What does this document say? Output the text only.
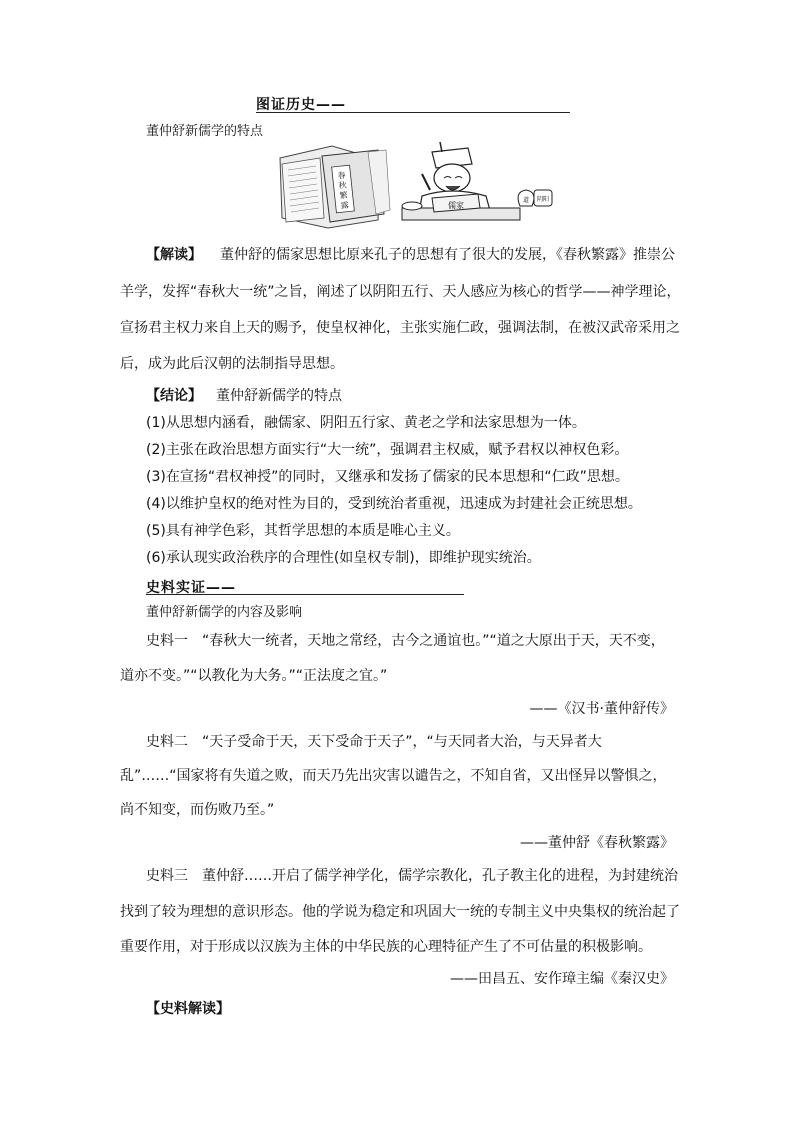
图证历史——
董仲舒新儒学的特点
春
秋
繁
露	儒家
道 阴阳
【解读】 董仲舒的儒家思想比原来孔子的思想有了很大的发展，《春秋繁露》推崇公
羊学，发挥“春秋大一统”之旨，阐述了以阴阳五行、天人感应为核心的哲学——神学理论，
宣扬君主权力来自上天的赐予，使皇权神化，主张实施仁政，强调法制，在被汉武帝采用之
后，成为此后汉朝的法制指导思想。
【结论】 董仲舒新儒学的特点
(1)从思想内涵看，融儒家、阴阳五行家、黄老之学和法家思想为一体。
(2)主张在政治思想方面实行“大一统”，强调君主权威，赋予君权以神权色彩。
(3)在宣扬“君权神授”的同时，又继承和发扬了儒家的民本思想和“仁政”思想。
(4)以维护皇权的绝对性为目的，受到统治者重视，迅速成为封建社会正统思想。
(5)具有神学色彩，其哲学思想的本质是唯心主义。
(6)承认现实政治秩序的合理性(如皇权专制)，即维护现实统治。
史料实证——
董仲舒新儒学的内容及影响
史料一　“春秋大一统者，天地之常经，古今之通谊也。”“道之大原出于天，天不变，
道亦不变。”“以教化为大务。”“正法度之宜。”
——《汉书·董仲舒传》
史料二　“天子受命于天，天下受命于天子”，“与天同者大治，与天异者大
乱”……“国家将有失道之败，而天乃先出灾害以谴告之，不知自省，又出怪异以警惧之，
尚不知变，而伤败乃至。”
——董仲舒《春秋繁露》
史料三　董仲舒……开启了儒学神学化，儒学宗教化，孔子教主化的进程，为封建统治
找到了较为理想的意识形态。他的学说为稳定和巩固大一统的专制主义中央集权的统治起了
重要作用，对于形成以汉族为主体的中华民族的心理特征产生了不可估量的积极影响。
——田昌五、安作璋主编《秦汉史》
【史料解读】
